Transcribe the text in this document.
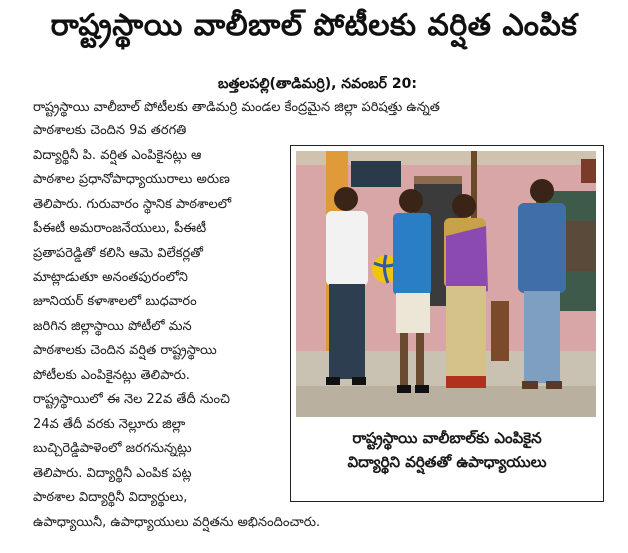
రాష్ట్రస్థాయి వాలీబాల్ పోటీలకు వర్షిత ఎంపిక
బత్తలపల్లి(తాడిమర్రి), నవంబర్ 20:
రాష్ట్రస్థాయి వాలీబాల్ పోటీలకు తాడిమర్రి మండల కేంద్రమైన జిల్లా పరిషత్తు ఉన్నత
పాఠశాలకు చెందిన 9వ తరగతి
విద్యార్థినీ పి. వర్షిత ఎంపికైనట్లు ఆ
పాఠశాల ప్రధానోపాధ్యాయురాలు అరుణ
తెలిపారు. గురువారం స్థానిక పాఠశాలలో
పీఈటీ అమరాంజనేయులు, పీఈటీ
ప్రతాపరెడ్డితో కలిసి ఆమె విలేకర్లతో
మాట్లాడుతూ అనంతపురంలోని
జూనియర్ కళాశాలలో బుధవారం
జరిగిన జిల్లాస్థాయి పోటీలో మన
పాఠశాలకు చెందిన వర్షిత రాష్ట్రస్థాయి
పోటీలకు ఎంపికైనట్లు తెలిపారు.
రాష్ట్రస్థాయిలో ఈ నెల 22వ తేదీ నుంచి
24వ తేదీ వరకు నెల్లూరు జిల్లా
బుచ్చిరెడ్డిపాళెంలో జరగనున్నట్లు
తెలిపారు. విద్యార్థినీ ఎంపిక పట్ల
పాఠశాల విద్యార్థినీ విద్యార్థులు,
ఉపాధ్యాయినీ, ఉపాధ్యాయులు వర్షితను అభినందించారు.
రాష్ట్రస్థాయి వాలీబాల్‌కు ఎంపికైన
విద్యార్థిని వర్షితతో ఉపాధ్యాయులు
